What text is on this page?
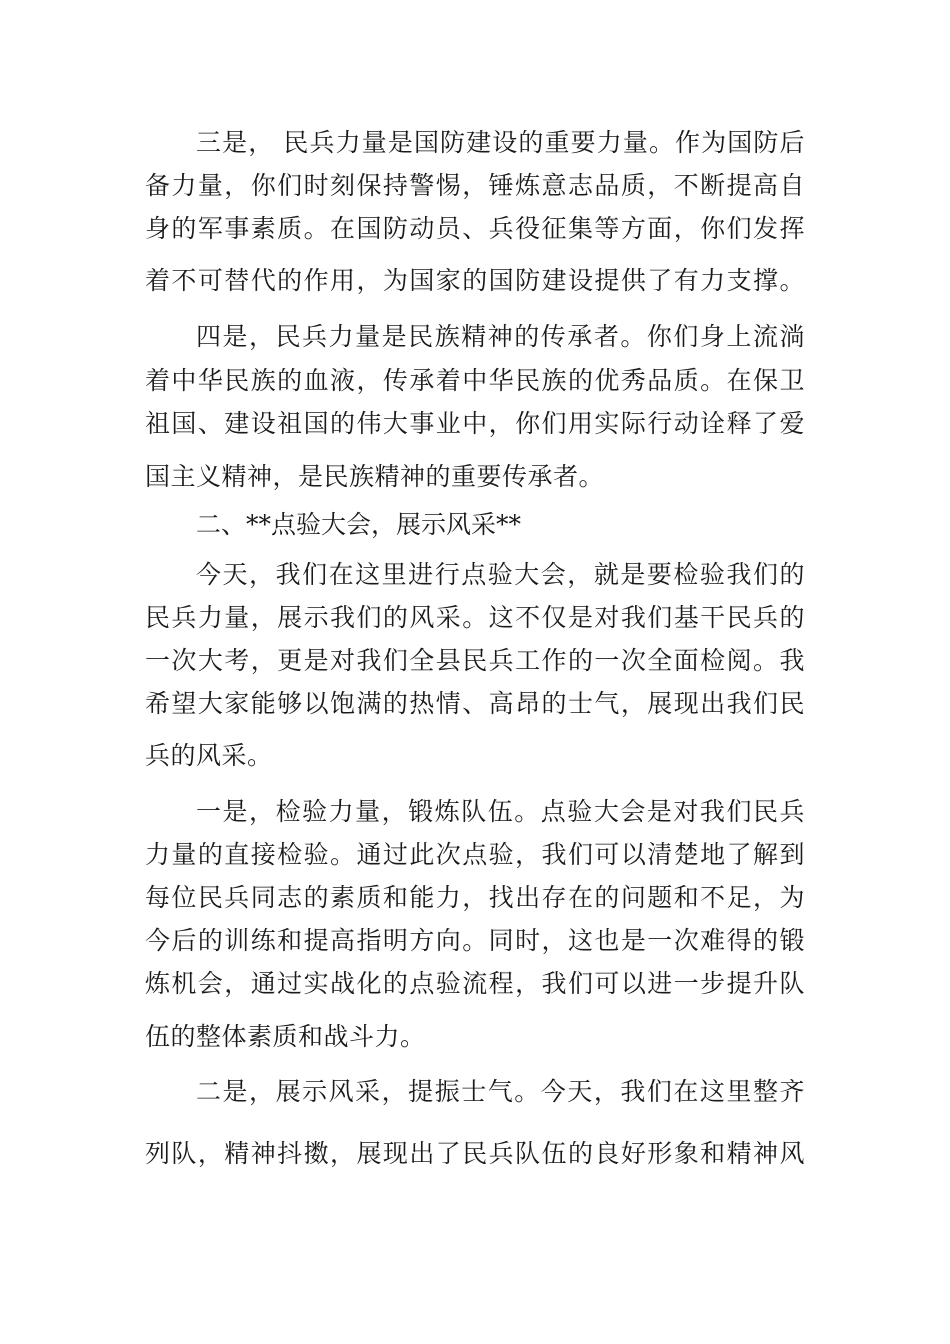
三是， 民兵力量是国防建设的重要力量。作为国防后
备力量，你们时刻保持警惕，锤炼意志品质，不断提高自
身的军事素质。在国防动员、兵役征集等方面，你们发挥
着不可替代的作用，为国家的国防建设提供了有力支撑。
四是，民兵力量是民族精神的传承者。你们身上流淌
着中华民族的血液，传承着中华民族的优秀品质。在保卫
祖国、建设祖国的伟大事业中，你们用实际行动诠释了爱
国主义精神，是民族精神的重要传承者。
二、**点验大会，展示风采**
今天，我们在这里进行点验大会，就是要检验我们的
民兵力量，展示我们的风采。这不仅是对我们基干民兵的
一次大考，更是对我们全县民兵工作的一次全面检阅。我
希望大家能够以饱满的热情、高昂的士气，展现出我们民
兵的风采。
一是，检验力量，锻炼队伍。点验大会是对我们民兵
力量的直接检验。通过此次点验，我们可以清楚地了解到
每位民兵同志的素质和能力，找出存在的问题和不足，为
今后的训练和提高指明方向。同时，这也是一次难得的锻
炼机会，通过实战化的点验流程，我们可以进一步提升队
伍的整体素质和战斗力。
二是，展示风采，提振士气。今天，我们在这里整齐
列队，精神抖擞，展现出了民兵队伍的良好形象和精神风
